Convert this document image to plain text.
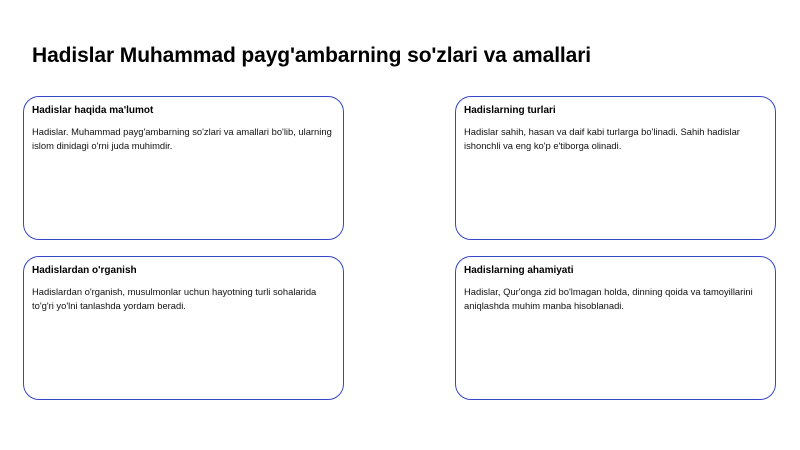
Hadislar Muhammad payg'ambarning so'zlari va amallari

Hadislar haqida ma'lumot

Hadislar. Muhammad payg'ambarning so'zlari va amallari bo'lib, ularning islom dinidagi o'rni juda muhimdir.

Hadislarning turlari

Hadislar sahih, hasan va daif kabi turlarga bo'linadi. Sahih hadislar ishonchli va eng ko'p e'tiborga olinadi.

Hadislardan o'rganish

Hadislardan o'rganish, musulmonlar uchun hayotning turli sohalarida to'g'ri yo'lni tanlashda yordam beradi.

Hadislarning ahamiyati

Hadislar, Qur'onga zid bo'lmagan holda, dinning qoida va tamoyillarini aniqlashda muhim manba hisoblanadi.
